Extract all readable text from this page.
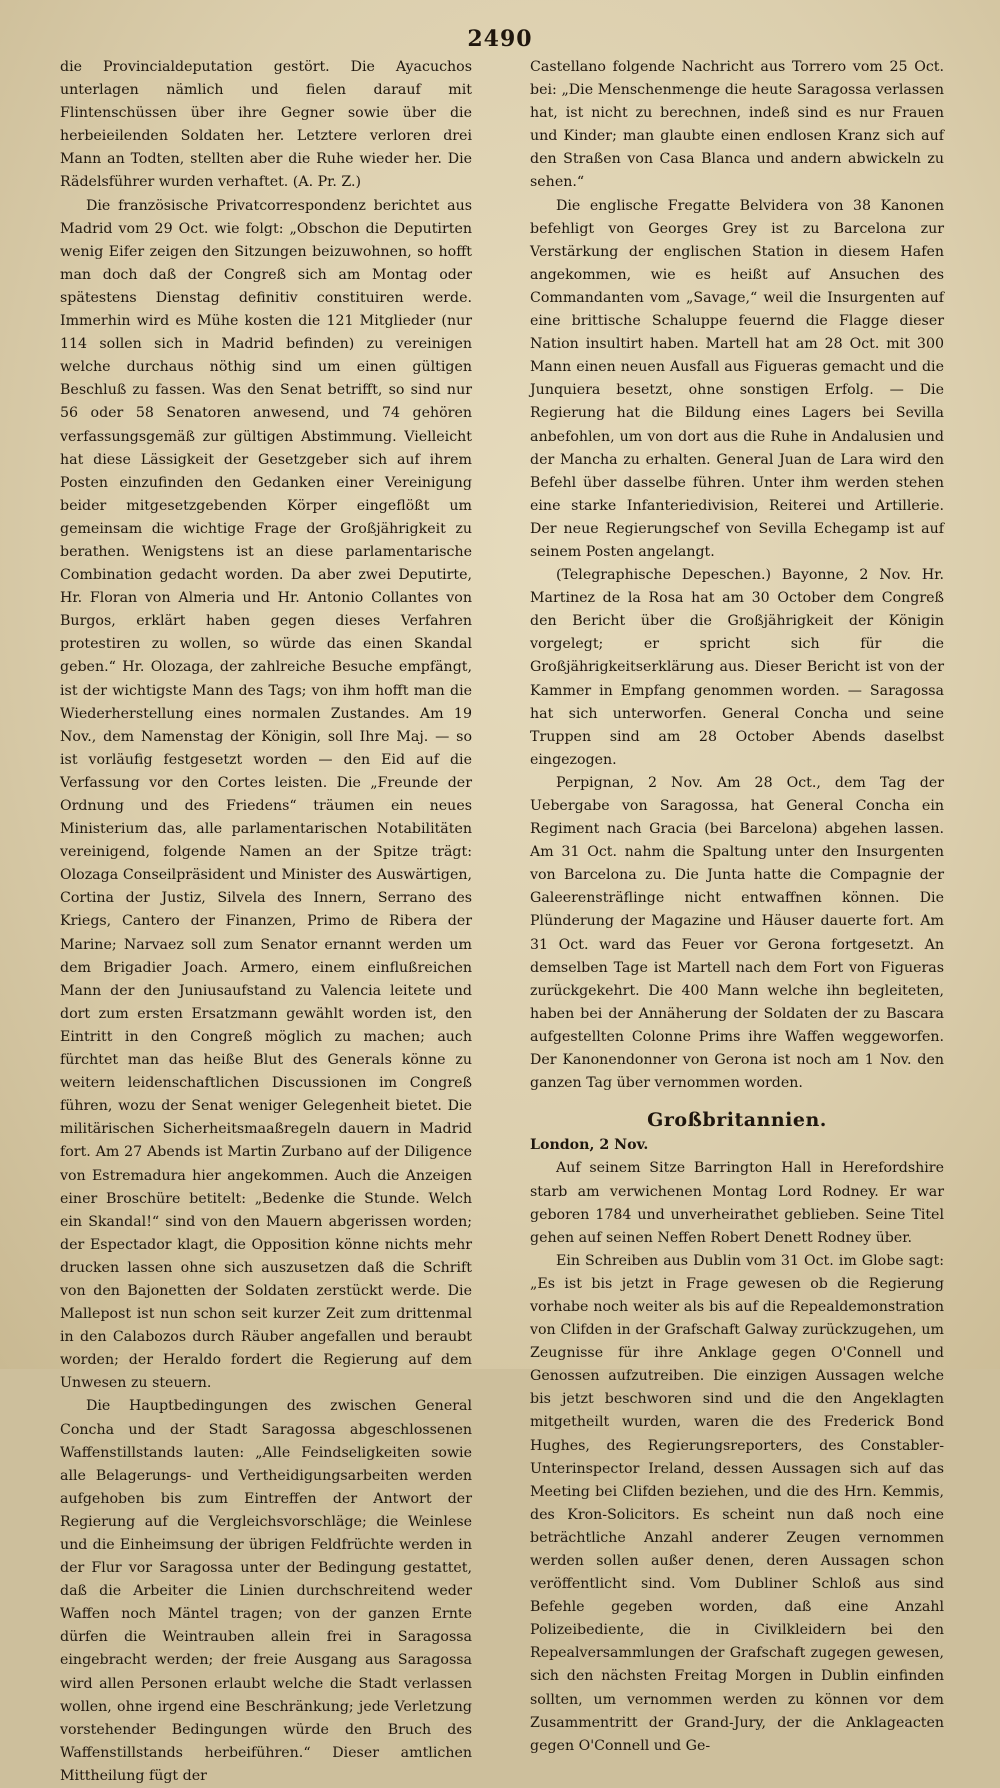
2490

die Provincialdeputation gestört. Die Ayacuchos unterlagen nämlich und fielen darauf mit Flintenschüssen über ihre Gegner sowie über die herbeieilenden Soldaten her. Letztere verloren drei Mann an Todten, stellten aber die Ruhe wieder her. Die Rädelsführer wurden verhaftet. (A. Pr. Z.)

Die französische Privatcorrespondenz berichtet aus Madrid vom 29 Oct. wie folgt: „Obschon die Deputirten wenig Eifer zeigen den Sitzungen beizuwohnen, so hofft man doch daß der Congreß sich am Montag oder spätestens Dienstag definitiv constituiren werde. Immerhin wird es Mühe kosten die 121 Mitglieder (nur 114 sollen sich in Madrid befinden) zu vereinigen welche durchaus nöthig sind um einen gültigen Beschluß zu fassen. Was den Senat betrifft, so sind nur 56 oder 58 Senatoren anwesend, und 74 gehören verfassungsgemäß zur gültigen Abstimmung. Vielleicht hat diese Lässigkeit der Gesetzgeber sich auf ihrem Posten einzufinden den Gedanken einer Vereinigung beider mitgesetzgebenden Körper eingeflößt um gemeinsam die wichtige Frage der Großjährigkeit zu berathen. Wenigstens ist an diese parlamentarische Combination gedacht worden. Da aber zwei Deputirte, Hr. Floran von Almeria und Hr. Antonio Collantes von Burgos, erklärt haben gegen dieses Verfahren protestiren zu wollen, so würde das einen Skandal geben.“ Hr. Olozaga, der zahlreiche Besuche empfängt, ist der wichtigste Mann des Tags; von ihm hofft man die Wiederherstellung eines normalen Zustandes. Am 19 Nov., dem Namenstag der Königin, soll Ihre Maj. — so ist vorläufig festgesetzt worden — den Eid auf die Verfassung vor den Cortes leisten. Die „Freunde der Ordnung und des Friedens“ träumen ein neues Ministerium das, alle parlamentarischen Notabilitäten vereinigend, folgende Namen an der Spitze trägt: Olozaga Conseilpräsident und Minister des Auswärtigen, Cortina der Justiz, Silvela des Innern, Serrano des Kriegs, Cantero der Finanzen, Primo de Ribera der Marine; Narvaez soll zum Senator ernannt werden um dem Brigadier Joach. Armero, einem einflußreichen Mann der den Juniusaufstand zu Valencia leitete und dort zum ersten Ersatzmann gewählt worden ist, den Eintritt in den Congreß möglich zu machen; auch fürchtet man das heiße Blut des Generals könne zu weitern leidenschaftlichen Discussionen im Congreß führen, wozu der Senat weniger Gelegenheit bietet. Die militärischen Sicherheitsmaaßregeln dauern in Madrid fort. Am 27 Abends ist Martin Zurbano auf der Diligence von Estremadura hier angekommen. Auch die Anzeigen einer Broschüre betitelt: „Bedenke die Stunde. Welch ein Skandal!“ sind von den Mauern abgerissen worden; der Espectador klagt, die Opposition könne nichts mehr drucken lassen ohne sich auszusetzen daß die Schrift von den Bajonetten der Soldaten zerstückt werde. Die Mallepost ist nun schon seit kurzer Zeit zum drittenmal in den Calabozos durch Räuber angefallen und beraubt worden; der Heraldo fordert die Regierung auf dem Unwesen zu steuern.

Die Hauptbedingungen des zwischen General Concha und der Stadt Saragossa abgeschlossenen Waffenstillstands lauten: „Alle Feindseligkeiten sowie alle Belagerungs- und Vertheidigungsarbeiten werden aufgehoben bis zum Eintreffen der Antwort der Regierung auf die Vergleichsvorschläge; die Weinlese und die Einheimsung der übrigen Feldfrüchte werden in der Flur vor Saragossa unter der Bedingung gestattet, daß die Arbeiter die Linien durchschreitend weder Waffen noch Mäntel tragen; von der ganzen Ernte dürfen die Weintrauben allein frei in Saragossa eingebracht werden; der freie Ausgang aus Saragossa wird allen Personen erlaubt welche die Stadt verlassen wollen, ohne irgend eine Beschränkung; jede Verletzung vorstehender Bedingungen würde den Bruch des Waffenstillstands herbeiführen.“ Dieser amtlichen Mittheilung fügt der

Castellano folgende Nachricht aus Torrero vom 25 Oct. bei: „Die Menschenmenge die heute Saragossa verlassen hat, ist nicht zu berechnen, indeß sind es nur Frauen und Kinder; man glaubte einen endlosen Kranz sich auf den Straßen von Casa Blanca und andern abwickeln zu sehen.“

Die englische Fregatte Belvidera von 38 Kanonen befehligt von Georges Grey ist zu Barcelona zur Verstärkung der englischen Station in diesem Hafen angekommen, wie es heißt auf Ansuchen des Commandanten vom „Savage,“ weil die Insurgenten auf eine brittische Schaluppe feuernd die Flagge dieser Nation insultirt haben. Martell hat am 28 Oct. mit 300 Mann einen neuen Ausfall aus Figueras gemacht und die Junquiera besetzt, ohne sonstigen Erfolg. — Die Regierung hat die Bildung eines Lagers bei Sevilla anbefohlen, um von dort aus die Ruhe in Andalusien und der Mancha zu erhalten. General Juan de Lara wird den Befehl über dasselbe führen. Unter ihm werden stehen eine starke Infanteriedivision, Reiterei und Artillerie. Der neue Regierungschef von Sevilla Echegamp ist auf seinem Posten angelangt.

(Telegraphische Depeschen.) Bayonne, 2 Nov. Hr. Martinez de la Rosa hat am 30 October dem Congreß den Bericht über die Großjährigkeit der Königin vorgelegt; er spricht sich für die Großjährigkeitserklärung aus. Dieser Bericht ist von der Kammer in Empfang genommen worden. — Saragossa hat sich unterworfen. General Concha und seine Truppen sind am 28 October Abends daselbst eingezogen.

Perpignan, 2 Nov. Am 28 Oct., dem Tag der Uebergabe von Saragossa, hat General Concha ein Regiment nach Gracia (bei Barcelona) abgehen lassen. Am 31 Oct. nahm die Spaltung unter den Insurgenten von Barcelona zu. Die Junta hatte die Compagnie der Galeerensträflinge nicht entwaffnen können. Die Plünderung der Magazine und Häuser dauerte fort. Am 31 Oct. ward das Feuer vor Gerona fortgesetzt. An demselben Tage ist Martell nach dem Fort von Figueras zurückgekehrt. Die 400 Mann welche ihn begleiteten, haben bei der Annäherung der Soldaten der zu Bascara aufgestellten Colonne Prims ihre Waffen weggeworfen. Der Kanonendonner von Gerona ist noch am 1 Nov. den ganzen Tag über vernommen worden.

Großbritannien.

London, 2 Nov.

Auf seinem Sitze Barrington Hall in Herefordshire starb am verwichenen Montag Lord Rodney. Er war geboren 1784 und unverheirathet geblieben. Seine Titel gehen auf seinen Neffen Robert Denett Rodney über.

Ein Schreiben aus Dublin vom 31 Oct. im Globe sagt: „Es ist bis jetzt in Frage gewesen ob die Regierung vorhabe noch weiter als bis auf die Repealdemonstration von Clifden in der Grafschaft Galway zurückzugehen, um Zeugnisse für ihre Anklage gegen O'Connell und Genossen aufzutreiben. Die einzigen Aussagen welche bis jetzt beschworen sind und die den Angeklagten mitgetheilt wurden, waren die des Frederick Bond Hughes, des Regierungsreporters, des Constabler-Unterinspector Ireland, dessen Aussagen sich auf das Meeting bei Clifden beziehen, und die des Hrn. Kemmis, des Kron-Solicitors. Es scheint nun daß noch eine beträchtliche Anzahl anderer Zeugen vernommen werden sollen außer denen, deren Aussagen schon veröffentlicht sind. Vom Dubliner Schloß aus sind Befehle gegeben worden, daß eine Anzahl Polizeibediente, die in Civilkleidern bei den Repealversammlungen der Grafschaft zugegen gewesen, sich den nächsten Freitag Morgen in Dublin einfinden sollten, um vernommen werden zu können vor dem Zusammentritt der Grand-Jury, der die Anklageacten gegen O'Connell und Ge-
